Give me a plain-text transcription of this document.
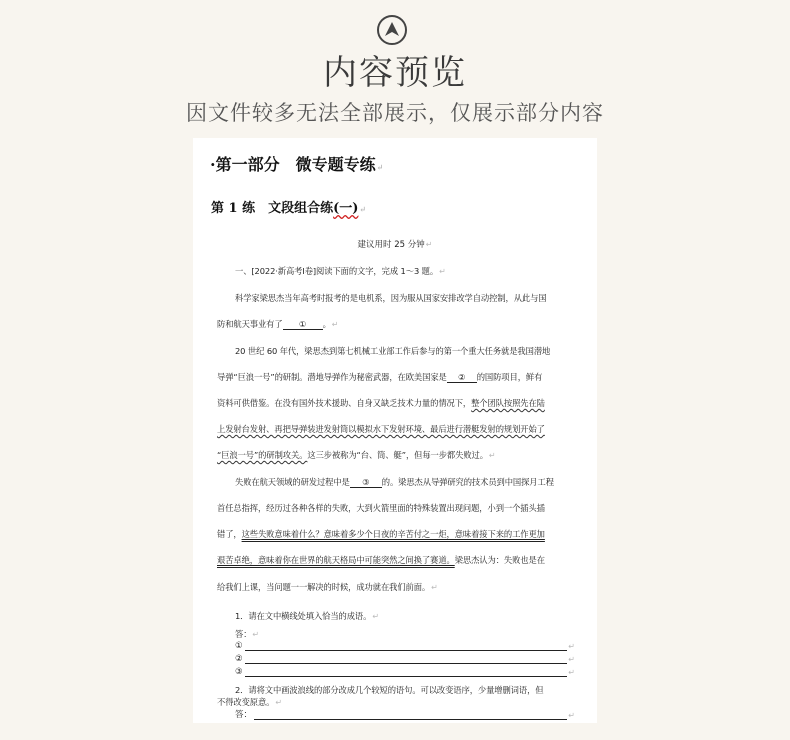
内容预览
因文件较多无法全部展示，仅展示部分内容
·第一部分　微专题专练↵
第 1 练　文段组合练(一)↵
建议用时 25 分钟↵
一、[2022·新高考Ⅰ卷]阅读下面的文字，完成 1～3 题。↵
科学家梁思杰当年高考时报考的是电机系，因为服从国家安排改学自动控制，从此与国
防和航天事业有了 ① 。↵
20 世纪 60 年代，梁思杰到第七机械工业部工作后参与的第一个重大任务就是我国潜地
导弹“巨浪一号”的研制。潜地导弹作为秘密武器，在欧美国家是 ② 的国防项目，鲜有
资料可供借鉴。在没有国外技术援助、自身又缺乏技术力量的情况下，整个团队按照先在陆
上发射台发射、再把导弹装进发射筒以模拟水下发射环境、最后进行潜艇发射的规划开始了
“巨浪一号”的研制攻关。这三步被称为“台、筒、艇”，但每一步都失败过。↵
失败在航天领域的研发过程中是 ③ 的。梁思杰从导弹研究的技术员到中国探月工程
首任总指挥，经历过各种各样的失败，大到火箭里面的特殊装置出现问题，小到一个插头插
错了，这些失败意味着什么？意味着多少个日夜的辛苦付之一炬，意味着接下来的工作更加
艰苦卓绝，意味着你在世界的航天格局中可能突然之间换了赛道。梁思杰认为：失败也是在
给我们上课，当问题一一解决的时候，成功就在我们前面。↵
1．请在文中横线处填入恰当的成语。↵
答：↵
①	↵
②	↵
③	↵
2．请将文中画波浪线的部分改成几个较短的语句。可以改变语序，少量增删词语，但
不得改变原意。↵
答：	↵
